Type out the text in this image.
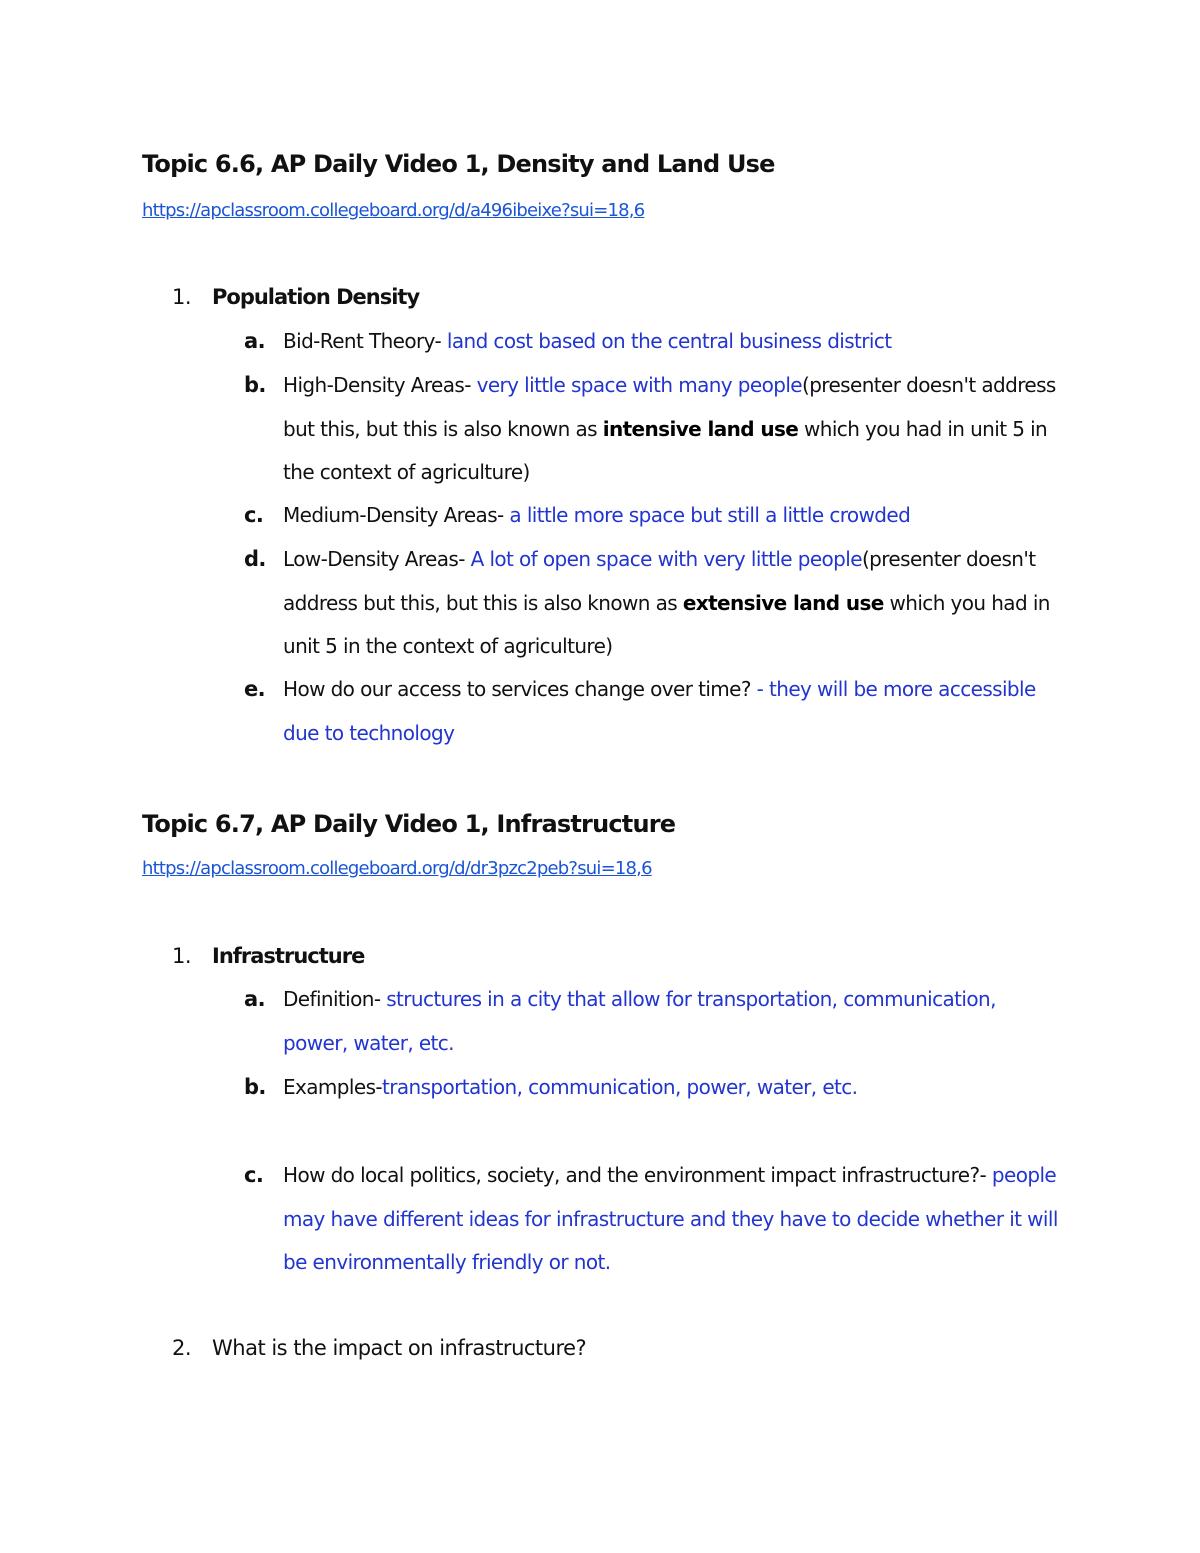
Topic 6.6, AP Daily Video 1, Density and Land Use
https://apclassroom.collegeboard.org/d/a496ibeixe?sui=18,6
1. Population Density
a. Bid-Rent Theory- land cost based on the central business district
b. High-Density Areas- very little space with many people(presenter doesn't address but this, but this is also known as intensive land use which you had in unit 5 in the context of agriculture)
c. Medium-Density Areas- a little more space but still a little crowded
d. Low-Density Areas- A lot of open space with very little people(presenter doesn't address but this, but this is also known as extensive land use which you had in unit 5 in the context of agriculture)
e. How do our access to services change over time? - they will be more accessible due to technology
Topic 6.7, AP Daily Video 1, Infrastructure
https://apclassroom.collegeboard.org/d/dr3pzc2peb?sui=18,6
1. Infrastructure
a. Definition- structures in a city that allow for transportation, communication, power, water, etc.
b. Examples-transportation, communication, power, water, etc.
c. How do local politics, society, and the environment impact infrastructure?- people may have different ideas for infrastructure and they have to decide whether it will be environmentally friendly or not.
2. What is the impact on infrastructure?
